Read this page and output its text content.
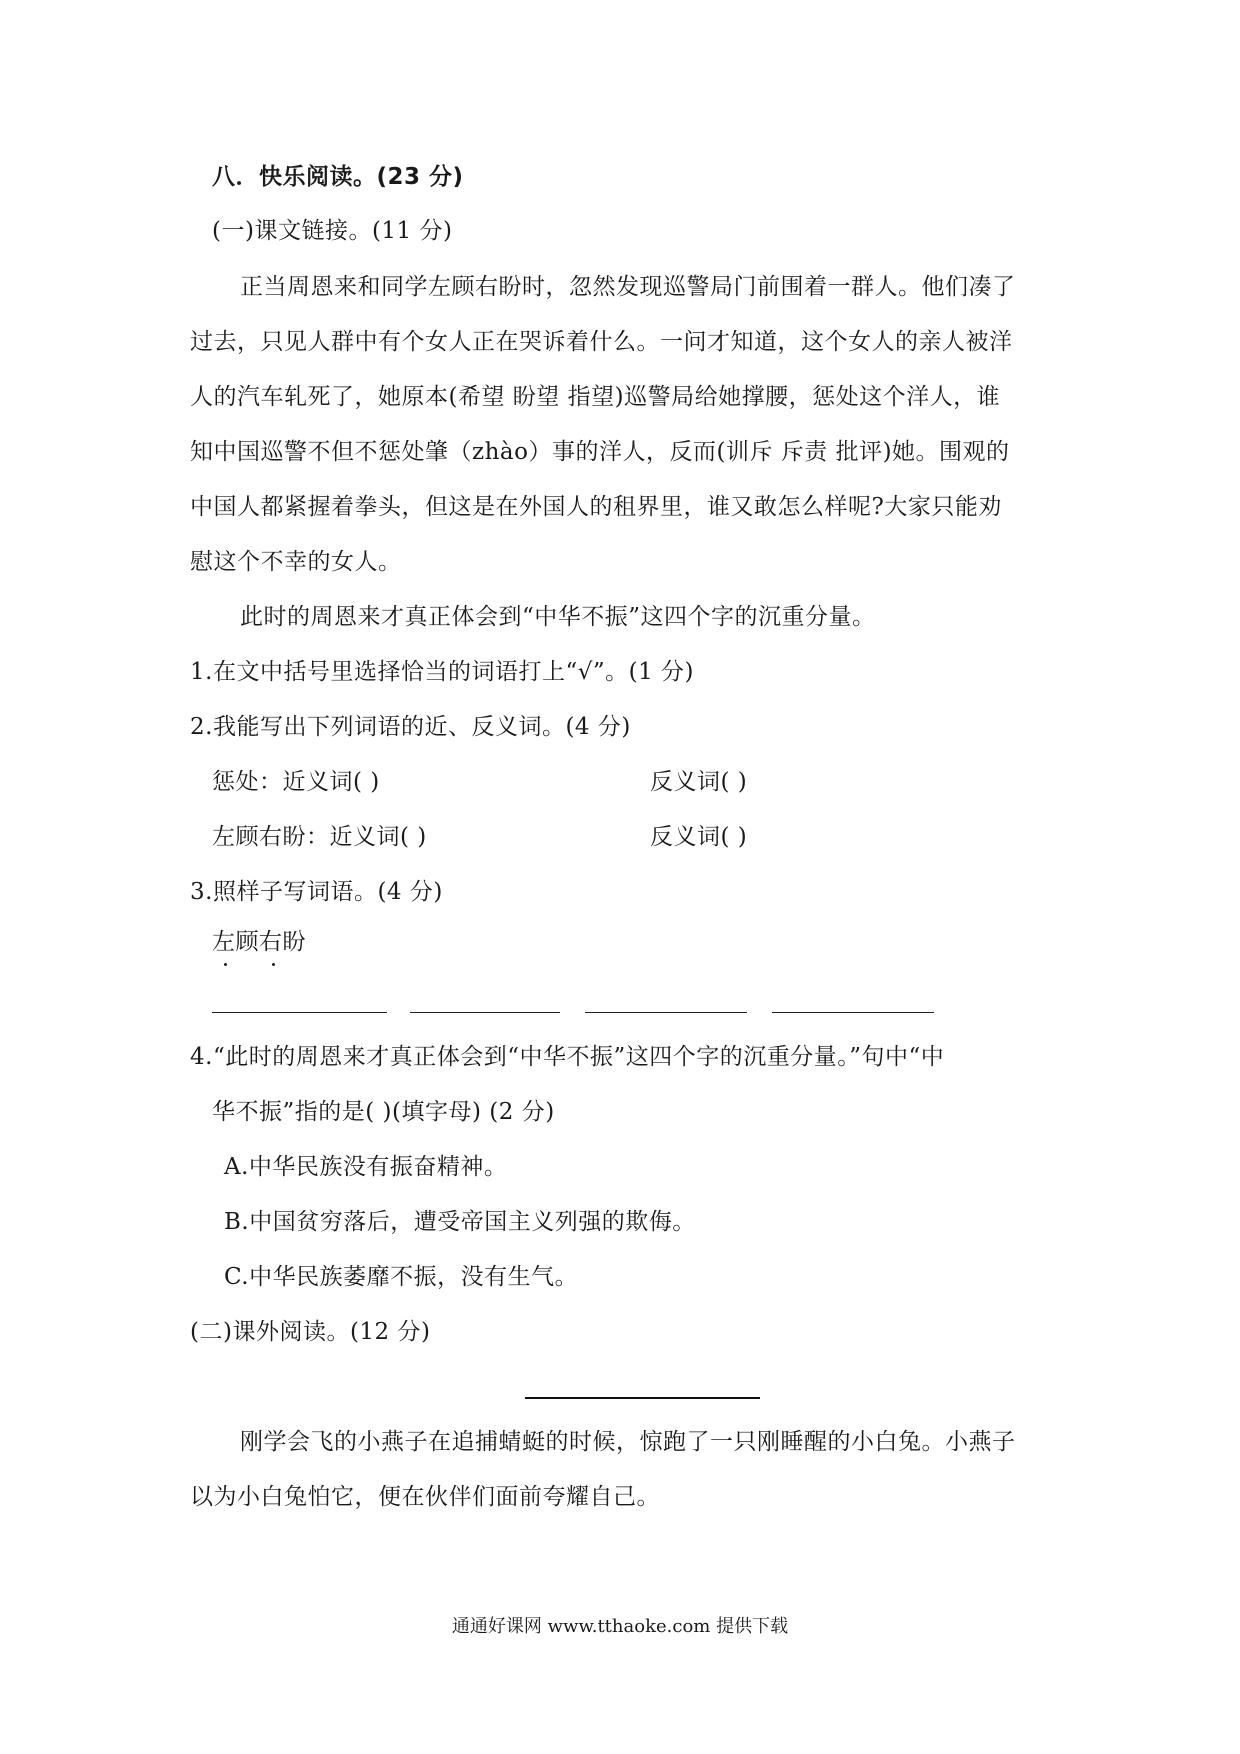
八．快乐阅读。(23 分)
(一)课文链接。(11 分)
正当周恩来和同学左顾右盼时，忽然发现巡警局门前围着一群人。他们凑了
过去，只见人群中有个女人正在哭诉着什么。一问才知道，这个女人的亲人被洋
人的汽车轧死了，她原本(希望 盼望 指望)巡警局给她撑腰，惩处这个洋人，谁
知中国巡警不但不惩处肇（zhào）事的洋人，反而(训斥 斥责 批评)她。围观的
中国人都紧握着拳头，但这是在外国人的租界里，谁又敢怎么样呢?大家只能劝
慰这个不幸的女人。
此时的周恩来才真正体会到“中华不振”这四个字的沉重分量。
1.在文中括号里选择恰当的词语打上“√”。(1 分)
2.我能写出下列词语的近、反义词。(4 分)
惩处：近义词( )	反义词( )
左顾右盼：近义词( )	反义词( )
3.照样子写词语。(4 分)
左顾右盼
4.“此时的周恩来才真正体会到“中华不振”这四个字的沉重分量。”句中“中
华不振”指的是( )(填字母) (2 分)
A.中华民族没有振奋精神。
B.中国贫穷落后，遭受帝国主义列强的欺侮。
C.中华民族萎靡不振，没有生气。
(二)课外阅读。(12 分)
刚学会飞的小燕子在追捕蜻蜓的时候，惊跑了一只刚睡醒的小白兔。小燕子
以为小白兔怕它，便在伙伴们面前夸耀自己。
通通好课网 www.tthaoke.com 提供下载
